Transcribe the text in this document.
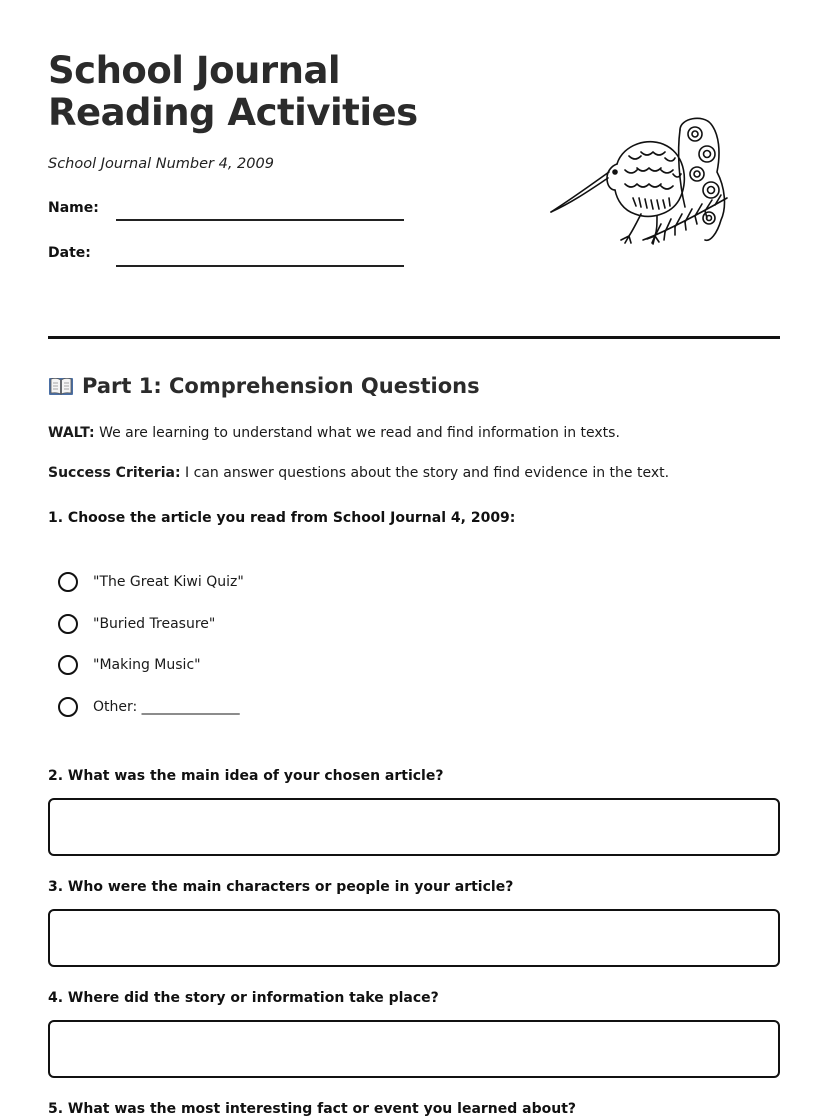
School Journal Reading Activities
School Journal Number 4, 2009
Name:
Date:
Part 1: Comprehension Questions
WALT: We are learning to understand what we read and find information in texts.
Success Criteria: I can answer questions about the story and find evidence in the text.
1. Choose the article you read from School Journal 4, 2009:
"The Great Kiwi Quiz"
"Buried Treasure"
"Making Music"
Other: ______________
2. What was the main idea of your chosen article?
3. Who were the main characters or people in your article?
4. Where did the story or information take place?
5. What was the most interesting fact or event you learned about?
